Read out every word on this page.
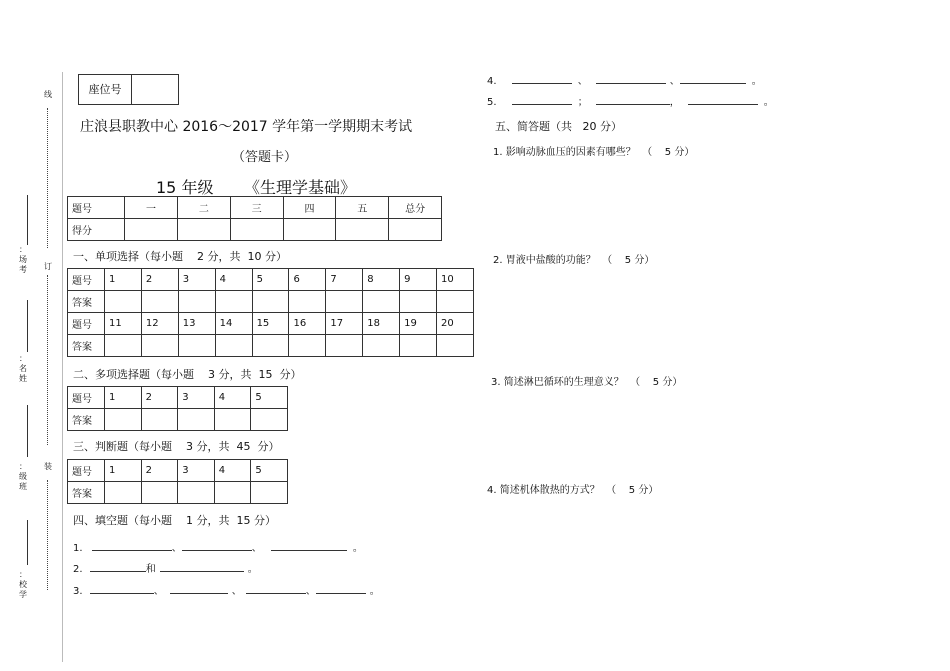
线
订
装
：场考
：名姓
：级班
：校学
座位号
庄浪县职教中心 2016～2017 学年第一学期期末考试
（答题卡）
15 年级      《生理学基础》
题号	一	二	三	四	五	总分
得分						
一、单项选择（每小题    2 分，共  10 分）
题号	1	2	3	4	5	6	7	8	9	10
答案										
题号	11	12	13	14	15	16	17	18	19	20
答案										
二、多项选择题（每小题    3 分，共  15  分）
题号	1	2	3	4	5
答案					
三、判断题（每小题    3 分，共  45  分）
题号	1	2	3	4	5
答案					
四、填空题（每小题    1 分，共  15 分）
1.	、	、	。
2.	和	。
3.	、	、	、	。
4.	、	、	。
5.	；	，	。
五、简答题（共   20 分）
1. 影响动脉血压的因素有哪些？  （    5 分）
2. 胃液中盐酸的功能？  （    5 分）
3. 简述淋巴循环的生理意义？  （    5 分）
4. 简述机体散热的方式？  （    5 分）
